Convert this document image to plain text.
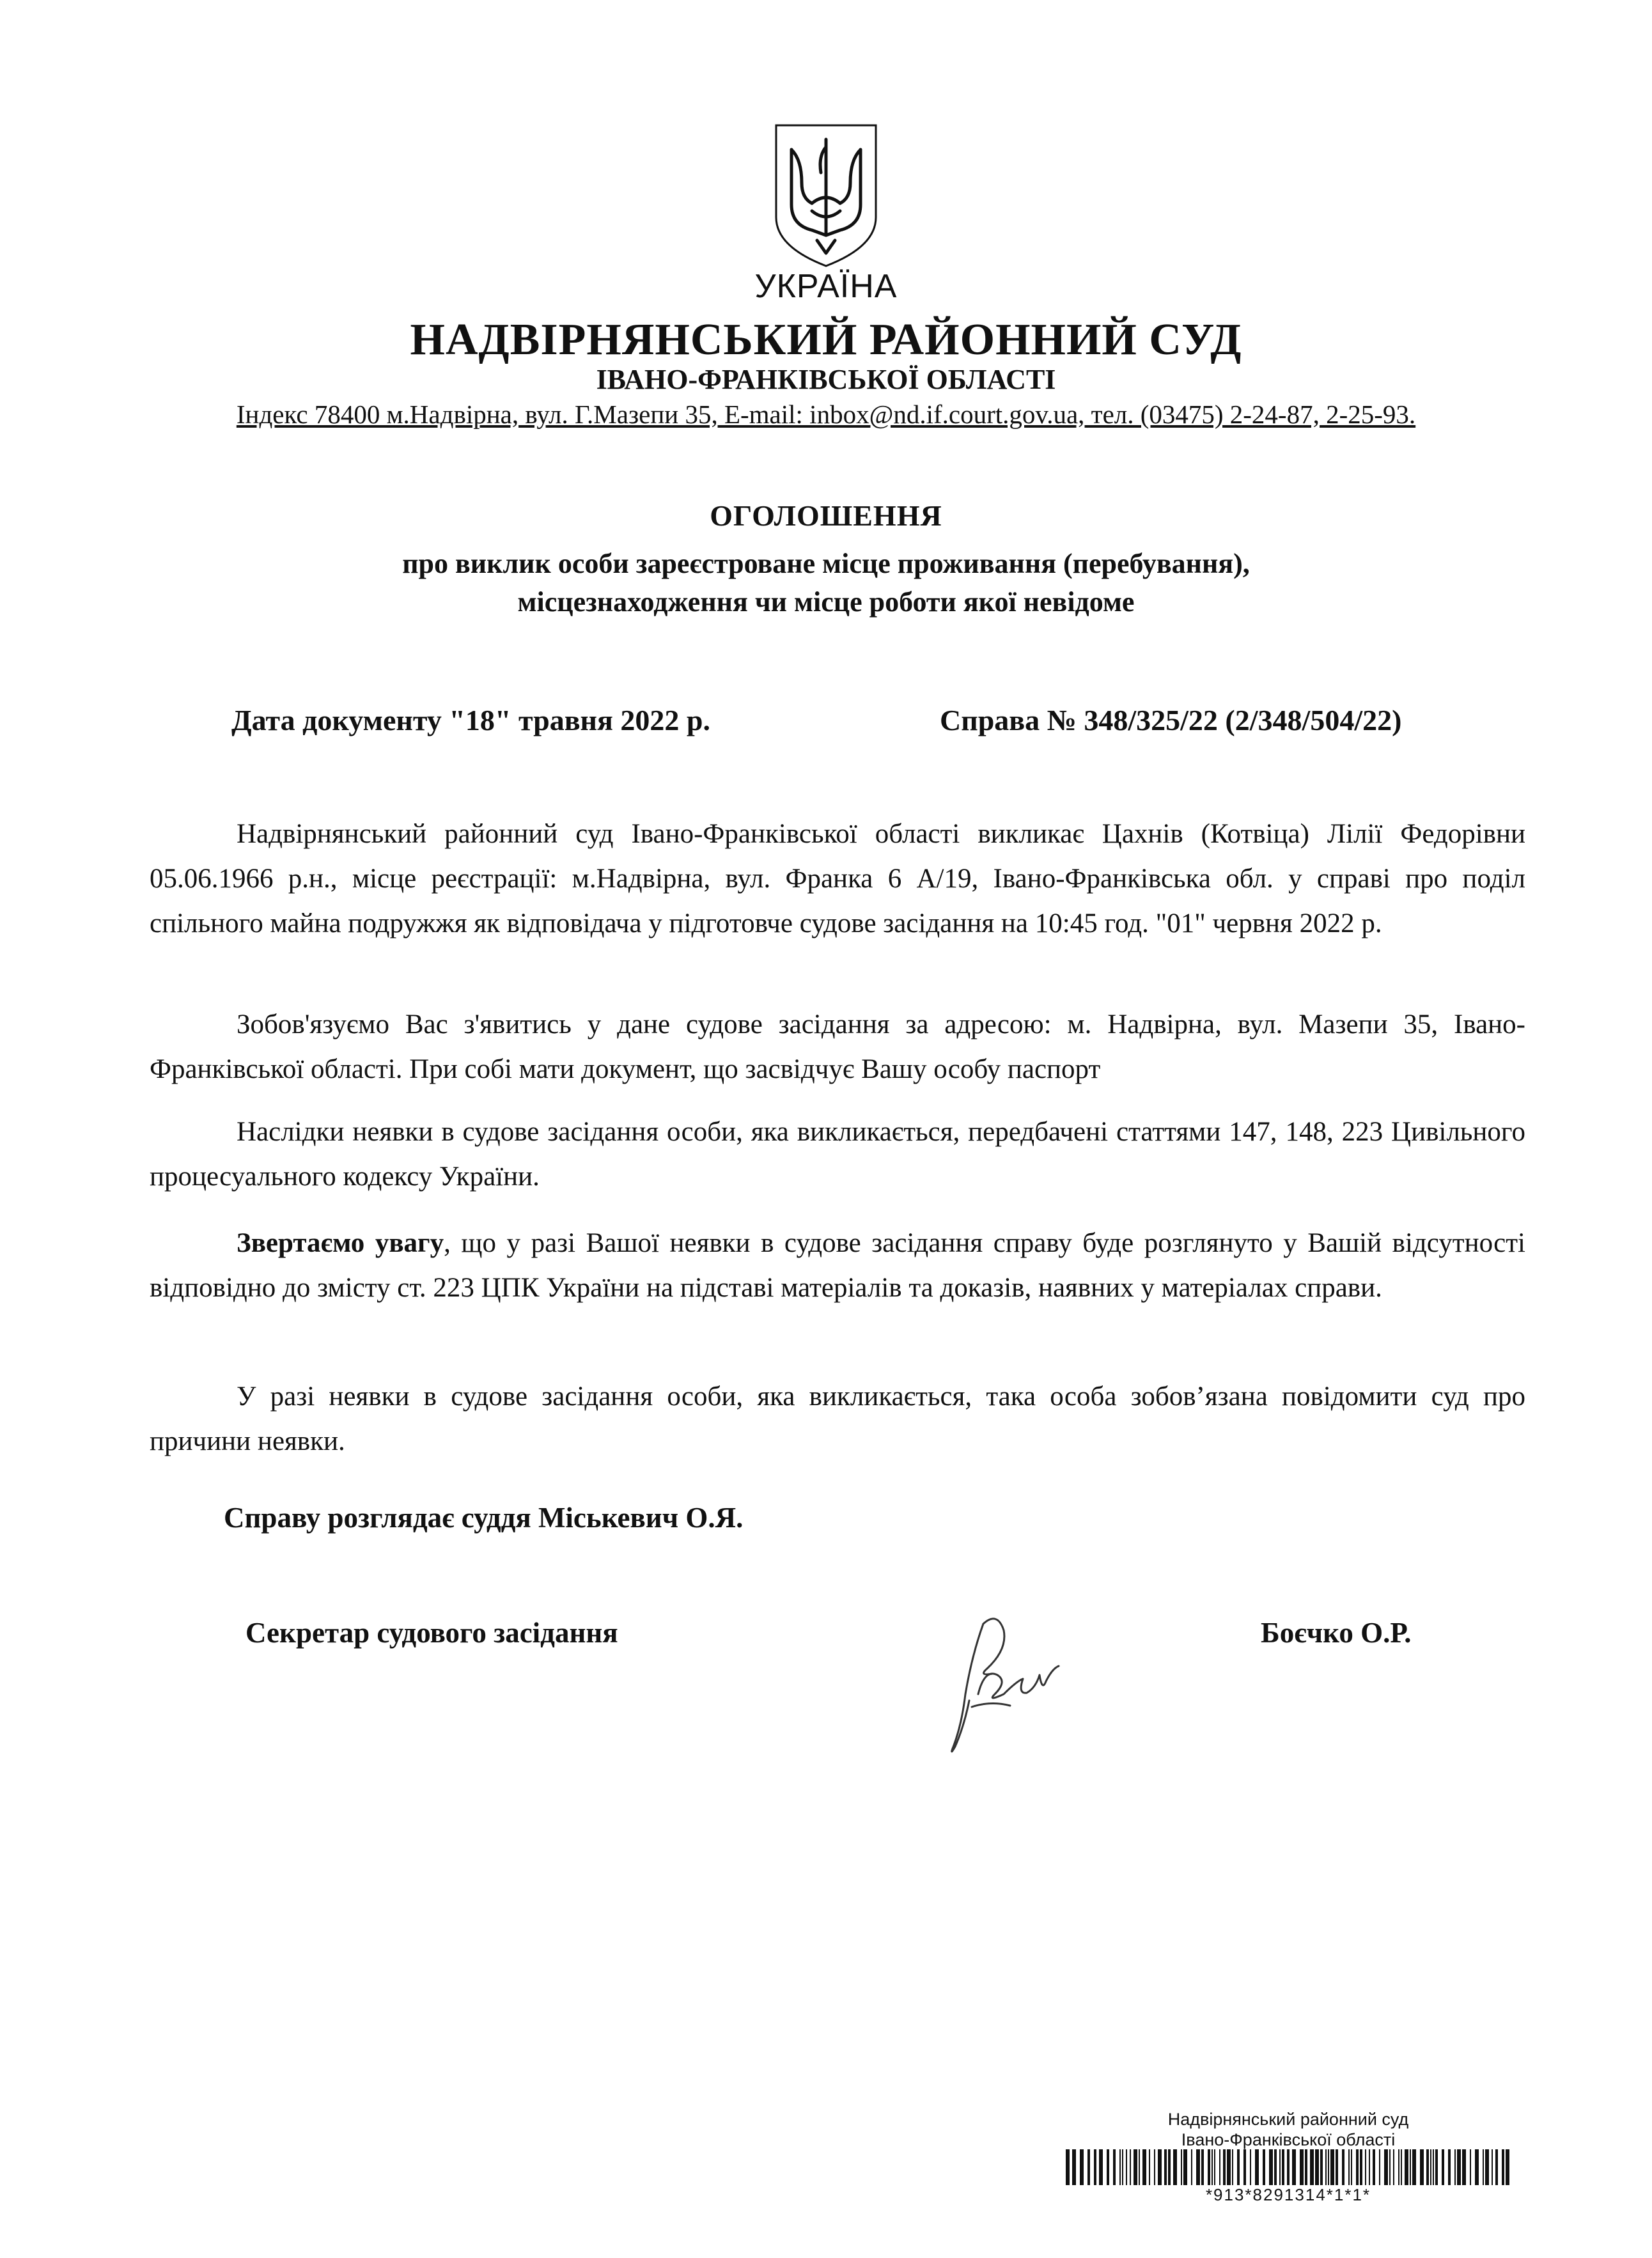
УКРАЇНА
НАДВІРНЯНСЬКИЙ РАЙОННИЙ СУД
ІВАНО-ФРАНКІВСЬКОЇ ОБЛАСТІ
Індекс 78400 м.Надвірна, вул. Г.Мазепи 35, E-mail: inbox@nd.if.court.gov.ua, тел. (03475) 2-24-87, 2-25-93.
ОГОЛОШЕННЯ
про виклик особи зареєстроване місце проживання (перебування),
місцезнаходження чи місце роботи якої невідоме
Дата документу "18" травня 2022 р.	Справа № 348/325/22 (2/348/504/22)

Надвірнянський районний суд Івано-Франківської області викликає Цахнів (Котвіца) Лілії Федорівни 05.06.1966 р.н., місце реєстрації: м.Надвірна, вул. Франка 6 А/19, Івано-Франківська обл. у справі про поділ спільного майна подружжя як відповідача у підготовче судове засідання на 10:45 год. "01" червня 2022 р.

Зобов'язуємо Вас з'явитись у дане судове засідання за адресою: м. Надвірна, вул. Мазепи 35, Івано-Франківської області. При собі мати документ, що засвідчує Вашу особу паспорт

Наслідки неявки в судове засідання особи, яка викликається, передбачені статтями 147, 148, 223 Цивільного процесуального кодексу України.

Звертаємо увагу, що у разі Вашої неявки в судове засідання справу буде розглянуто у Вашій відсутності відповідно до змісту ст. 223 ЦПК України на підставі матеріалів та доказів, наявних у матеріалах справи.

У разі неявки в судове засідання особи, яка викликається, така особа зобов’язана повідомити суд про причини неявки.

Справу розглядає суддя Міськевич О.Я.
Секретар судового засідання	Боєчко О.Р.
Надвірнянський районний суд
Івано-Франківської області
*913*8291314*1*1*
